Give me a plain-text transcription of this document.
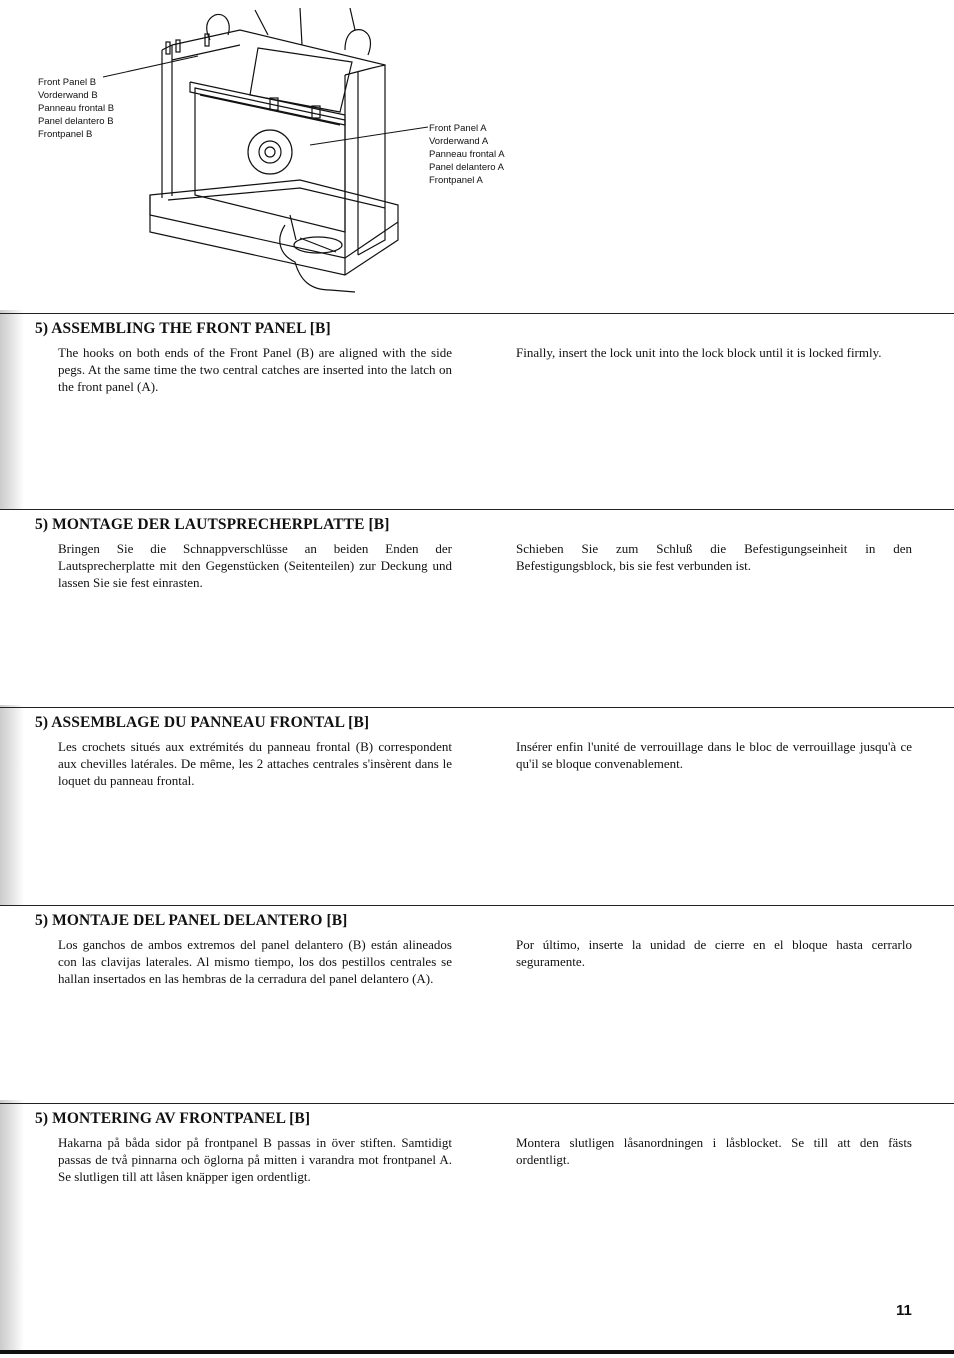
Front Panel B
Vorderwand B
Panneau frontal B
Panel delantero B
Frontpanel B
Front Panel A
Vorderwand A
Panneau frontal A
Panel delantero A
Frontpanel A
5) ASSEMBLING THE FRONT PANEL [B]
The hooks on both ends of the Front Panel (B) are aligned with the side pegs. At the same time the two central catches are inserted into the latch on the front panel (A).
Finally, insert the lock unit into the lock block until it is locked firmly.
5) MONTAGE DER LAUTSPRECHERPLATTE [B]
Bringen Sie die Schnappverschlüsse an beiden Enden der Lautsprecherplatte mit den Gegenstücken (Seitenteilen) zur Deckung und lassen Sie sie fest einrasten.
Schieben Sie zum Schluß die Befestigungseinheit in den Befestigungsblock, bis sie fest verbunden ist.
5) ASSEMBLAGE DU PANNEAU FRONTAL [B]
Les crochets situés aux extrémités du panneau frontal (B) correspondent aux chevilles latérales. De même, les 2 attaches centrales s'insèrent dans le loquet du panneau frontal.
Insérer enfin l'unité de verrouillage dans le bloc de verrouillage jusqu'à ce qu'il se bloque convenablement.
5) MONTAJE DEL PANEL DELANTERO [B]
Los ganchos de ambos extremos del panel delantero (B) están alineados con las clavijas laterales. Al mismo tiempo, los dos pestillos centrales se hallan insertados en las hembras de la cerradura del panel delantero (A).
Por último, inserte la unidad de cierre en el bloque hasta cerrarlo seguramente.
5) MONTERING AV FRONTPANEL [B]
Hakarna på båda sidor på frontpanel B passas in över stiften. Samtidigt passas de två pinnarna och öglorna på mitten i varandra mot frontpanel A. Se slutligen till att låsen knäpper igen ordentligt.
Montera slutligen låsanordningen i låsblocket. Se till att den fästs ordentligt.
11
